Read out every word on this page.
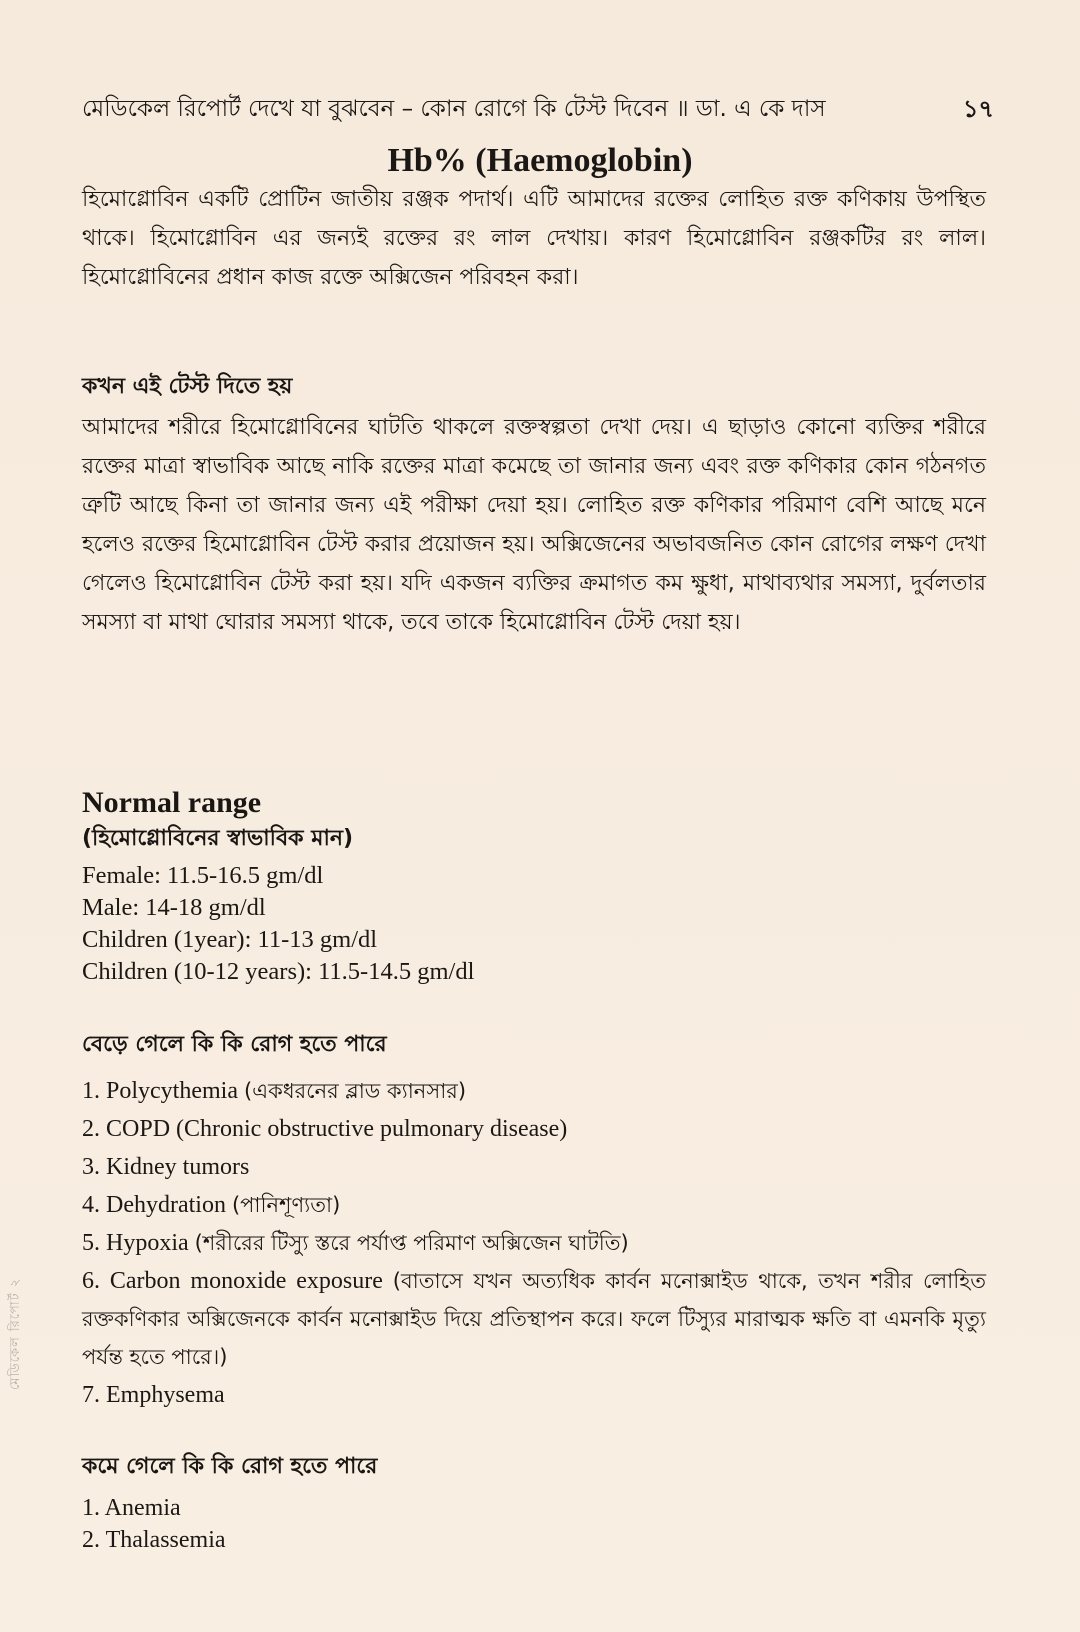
মেডিকেল রিপোর্ট দেখে যা বুঝবেন – কোন রোগে কি টেস্ট দিবেন ॥ ডা. এ কে দাস	১৭
Hb% (Haemoglobin)
হিমোগ্লোবিন একটি প্রোটিন জাতীয় রঞ্জক পদার্থ। এটি আমাদের রক্তের লোহিত রক্ত কণিকায় উপস্থিত থাকে। হিমোগ্লোবিন এর জন্যই রক্তের রং লাল দেখায়। কারণ হিমোগ্লোবিন রঞ্জকটির রং লাল। হিমোগ্লোবিনের প্রধান কাজ রক্তে অক্সিজেন পরিবহন করা।
কখন এই টেস্ট দিতে হয়
আমাদের শরীরে হিমোগ্লোবিনের ঘাটতি থাকলে রক্তস্বল্পতা দেখা দেয়। এ ছাড়াও কোনো ব্যক্তির শরীরে রক্তের মাত্রা স্বাভাবিক আছে নাকি রক্তের মাত্রা কমেছে তা জানার জন্য এবং রক্ত কণিকার কোন গঠনগত ত্রুটি আছে কিনা তা জানার জন্য এই পরীক্ষা দেয়া হয়। লোহিত রক্ত কণিকার পরিমাণ বেশি আছে মনে হলেও রক্তের হিমোগ্লোবিন টেস্ট করার প্রয়োজন হয়। অক্সিজেনের অভাবজনিত কোন রোগের লক্ষণ দেখা গেলেও হিমোগ্লোবিন টেস্ট করা হয়। যদি একজন ব্যক্তির ক্রমাগত কম ক্ষুধা, মাথাব্যথার সমস্যা, দুর্বলতার সমস্যা বা মাথা ঘোরার সমস্যা থাকে, তবে তাকে হিমোগ্লোবিন টেস্ট দেয়া হয়।
Normal range
(হিমোগ্লোবিনের স্বাভাবিক মান)
Female: 11.5-16.5 gm/dl
Male: 14-18 gm/dl
Children (1year): 11-13 gm/dl
Children (10-12 years): 11.5-14.5 gm/dl
বেড়ে গেলে কি কি রোগ হতে পারে
1. Polycythemia (একধরনের ব্লাড ক্যানসার)
2. COPD (Chronic obstructive pulmonary disease)
3. Kidney tumors
4. Dehydration (পানিশূণ্যতা)
5. Hypoxia (শরীরের টিস্যু স্তরে পর্যাপ্ত পরিমাণ অক্সিজেন ঘাটতি)
6. Carbon monoxide exposure (বাতাসে যখন অত্যধিক কার্বন মনোক্সাইড থাকে, তখন শরীর লোহিত রক্তকণিকার অক্সিজেনকে কার্বন মনোক্সাইড দিয়ে প্রতিস্থাপন করে। ফলে টিস্যুর মারাত্মক ক্ষতি বা এমনকি মৃত্যু পর্যন্ত হতে পারে।)
7. Emphysema
কমে গেলে কি কি রোগ হতে পারে
1. Anemia
2. Thalassemia
মেডিকেল রিপোর্ট ২
